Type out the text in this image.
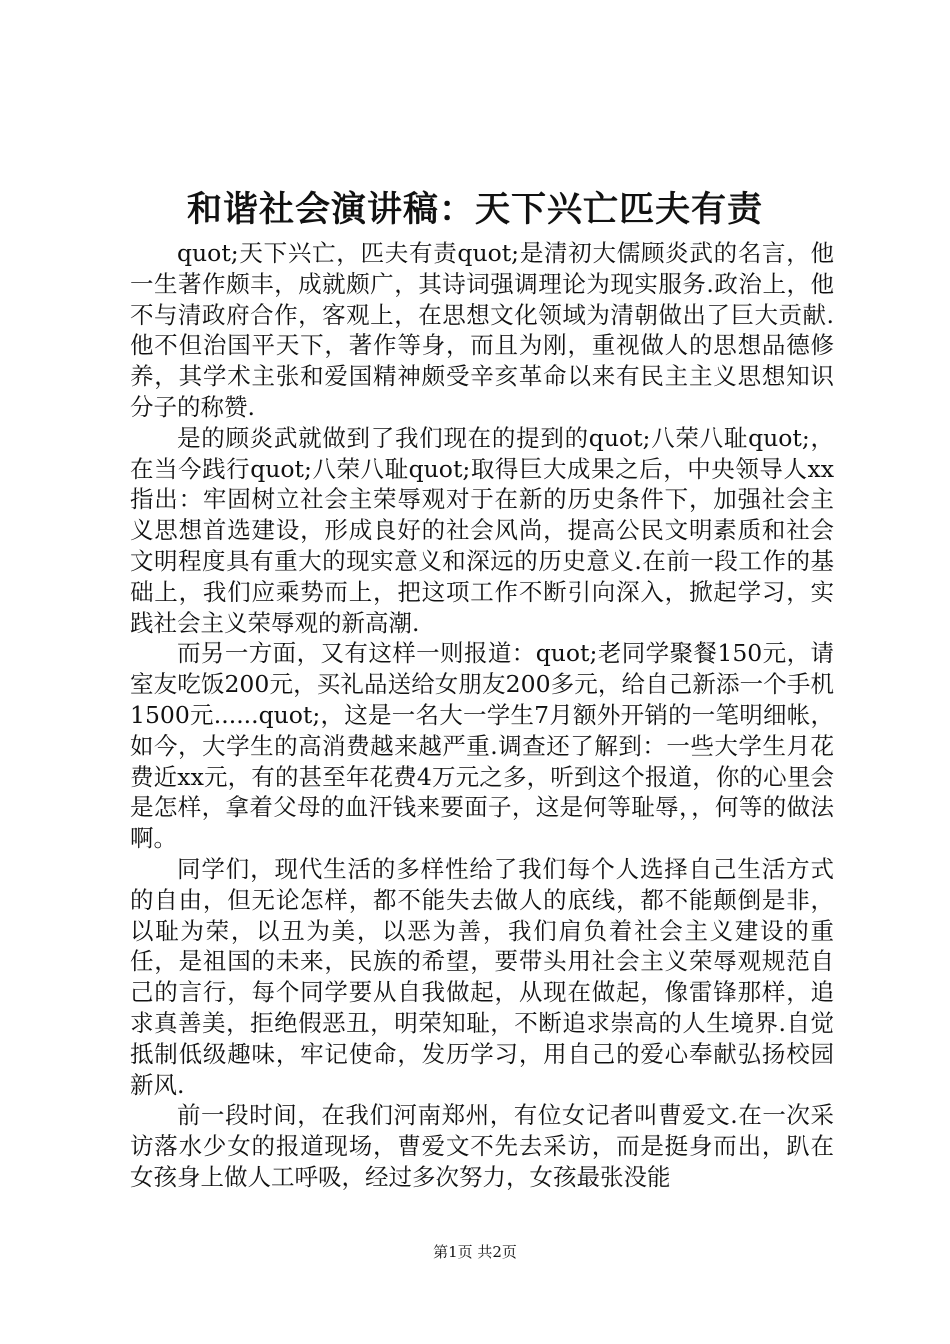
和谐社会演讲稿：天下兴亡匹夫有责

quot;天下兴亡，匹夫有责quot;是清初大儒顾炎武的名言，他一生著作颇丰，成就颇广，其诗词强调理论为现实服务.政治上，他不与清政府合作，客观上，在思想文化领域为清朝做出了巨大贡献.他不但治国平天下，著作等身，而且为刚，重视做人的思想品德修养，其学术主张和爱国精神颇受辛亥革命以来有民主主义思想知识分子的称赞.

是的顾炎武就做到了我们现在的提到的quot;八荣八耻quot;，在当今践行quot;八荣八耻quot;取得巨大成果之后，中央领导人xx指出：牢固树立社会主荣辱观对于在新的历史条件下，加强社会主义思想首选建设，形成良好的社会风尚，提高公民文明素质和社会文明程度具有重大的现实意义和深远的历史意义.在前一段工作的基础上，我们应乘势而上，把这项工作不断引向深入，掀起学习，实践社会主义荣辱观的新高潮.

而另一方面，又有这样一则报道：quot;老同学聚餐150元，请室友吃饭200元，买礼品送给女朋友200多元，给自己新添一个手机1500元......quot;，这是一名大一学生7月额外开销的一笔明细帐，如今，大学生的高消费越来越严重.调查还了解到：一些大学生月花费近xx元，有的甚至年花费4万元之多，听到这个报道，你的心里会是怎样，拿着父母的血汗钱来要面子，这是何等耻辱，，何等的做法啊。

同学们，现代生活的多样性给了我们每个人选择自己生活方式的自由，但无论怎样，都不能失去做人的底线，都不能颠倒是非，以耻为荣，以丑为美，以恶为善，我们肩负着社会主义建设的重任，是祖国的未来，民族的希望，要带头用社会主义荣辱观规范自己的言行，每个同学要从自我做起，从现在做起，像雷锋那样，追求真善美，拒绝假恶丑，明荣知耻，不断追求崇高的人生境界.自觉抵制低级趣味，牢记使命，发历学习，用自己的爱心奉献弘扬校园新风.

前一段时间，在我们河南郑州，有位女记者叫曹爱文.在一次采访落水少女的报道现场，曹爱文不先去采访，而是挺身而出，趴在女孩身上做人工呼吸，经过多次努力，女孩最张没能

第1页 共2页
